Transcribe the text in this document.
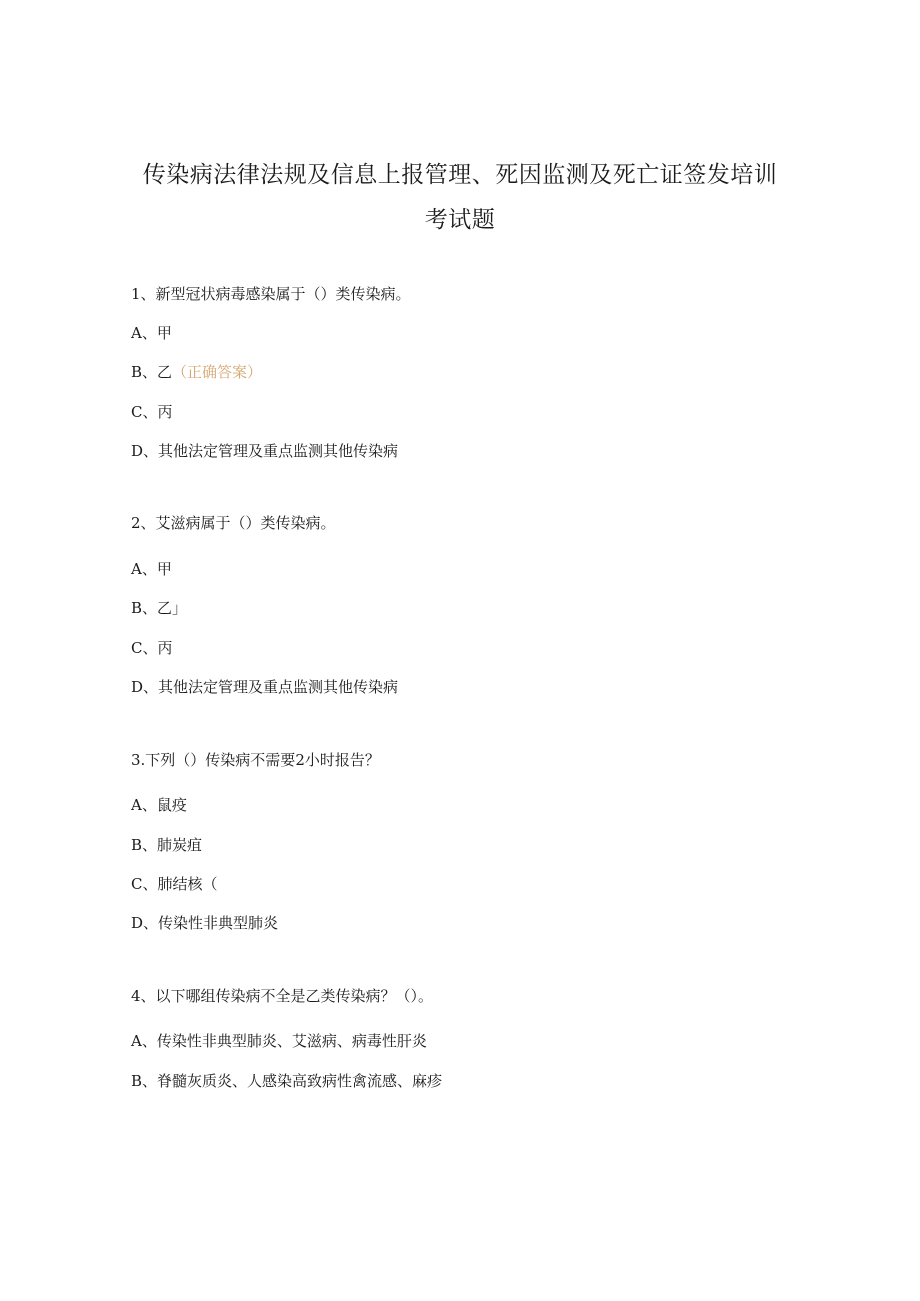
传染病法律法规及信息上报管理、死因监测及死亡证签发培训
考试题
1、新型冠状病毒感染属于（）类传染病。
A、甲
B、乙（正确答案）
C、丙
D、其他法定管理及重点监测其他传染病
2、艾滋病属于（）类传染病。
A、甲
B、乙」
C、丙
D、其他法定管理及重点监测其他传染病
3.下列（）传染病不需要2小时报告？
A、鼠疫
B、肺炭疽
C、肺结核（
D、传染性非典型肺炎
4、以下哪组传染病不全是乙类传染病？（）。
A、传染性非典型肺炎、艾滋病、病毒性肝炎
B、脊髓灰质炎、人感染高致病性禽流感、麻疹
